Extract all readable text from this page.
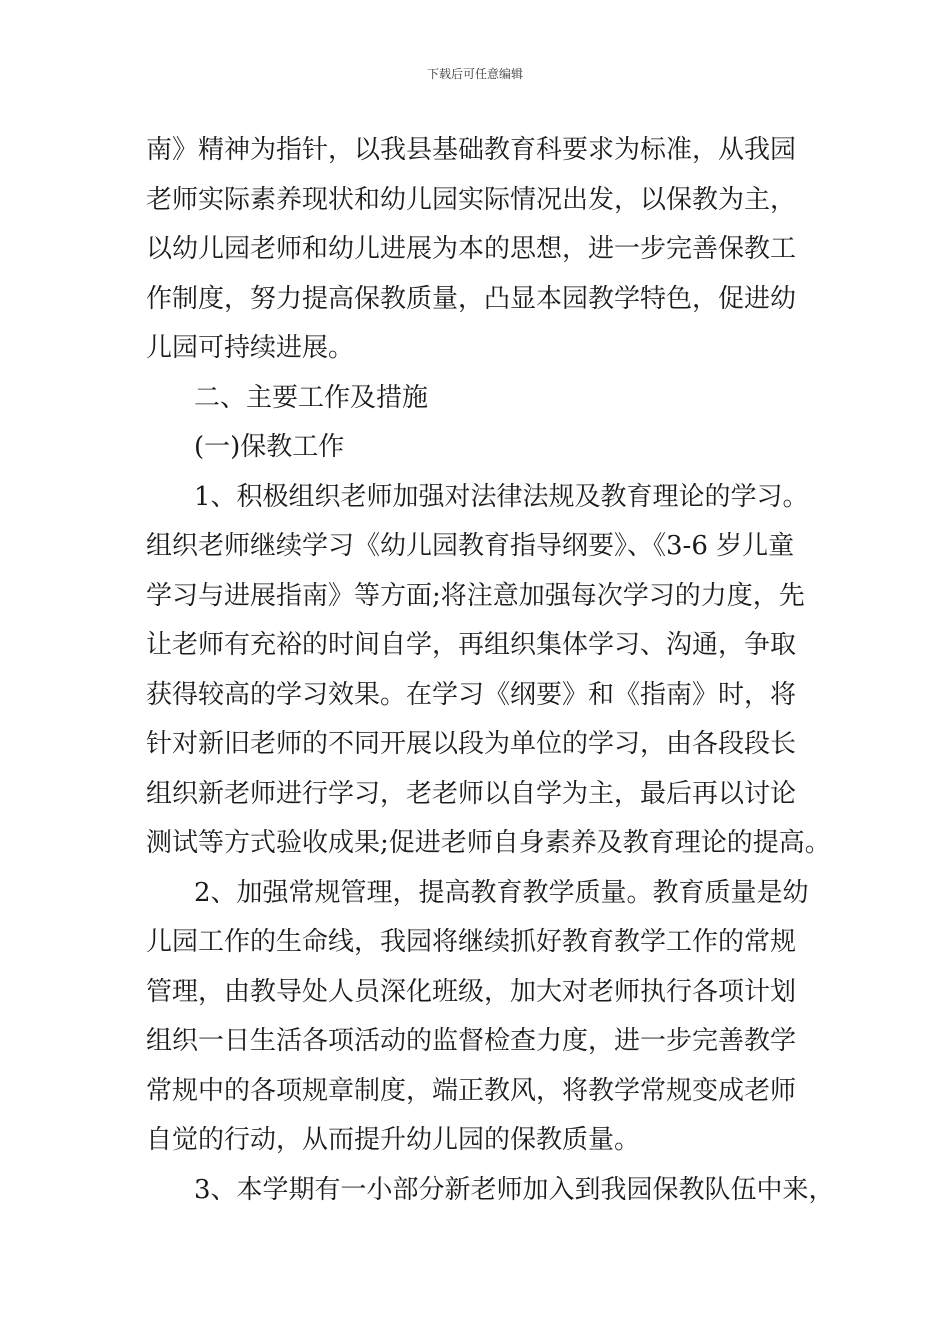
下载后可任意编辑
南》精神为指针，以我县基础教育科要求为标准，从我园
老师实际素养现状和幼儿园实际情况出发，以保教为主，
以幼儿园老师和幼儿进展为本的思想，进一步完善保教工
作制度，努力提高保教质量，凸显本园教学特色，促进幼
儿园可持续进展。
二、主要工作及措施
(一)保教工作
1、积极组织老师加强对法律法规及教育理论的学习。
组织老师继续学习《幼儿园教育指导纲要》、《3-6 岁儿童
学习与进展指南》等方面;将注意加强每次学习的力度，先
让老师有充裕的时间自学，再组织集体学习、沟通，争取
获得较高的学习效果。在学习《纲要》和《指南》时，将
针对新旧老师的不同开展以段为单位的学习，由各段段长
组织新老师进行学习，老老师以自学为主，最后再以讨论
测试等方式验收成果;促进老师自身素养及教育理论的提高。
2、加强常规管理，提高教育教学质量。教育质量是幼
儿园工作的生命线，我园将继续抓好教育教学工作的常规
管理，由教导处人员深化班级，加大对老师执行各项计划
组织一日生活各项活动的监督检查力度，进一步完善教学
常规中的各项规章制度，端正教风，将教学常规变成老师
自觉的行动，从而提升幼儿园的保教质量。
3、本学期有一小部分新老师加入到我园保教队伍中来，
